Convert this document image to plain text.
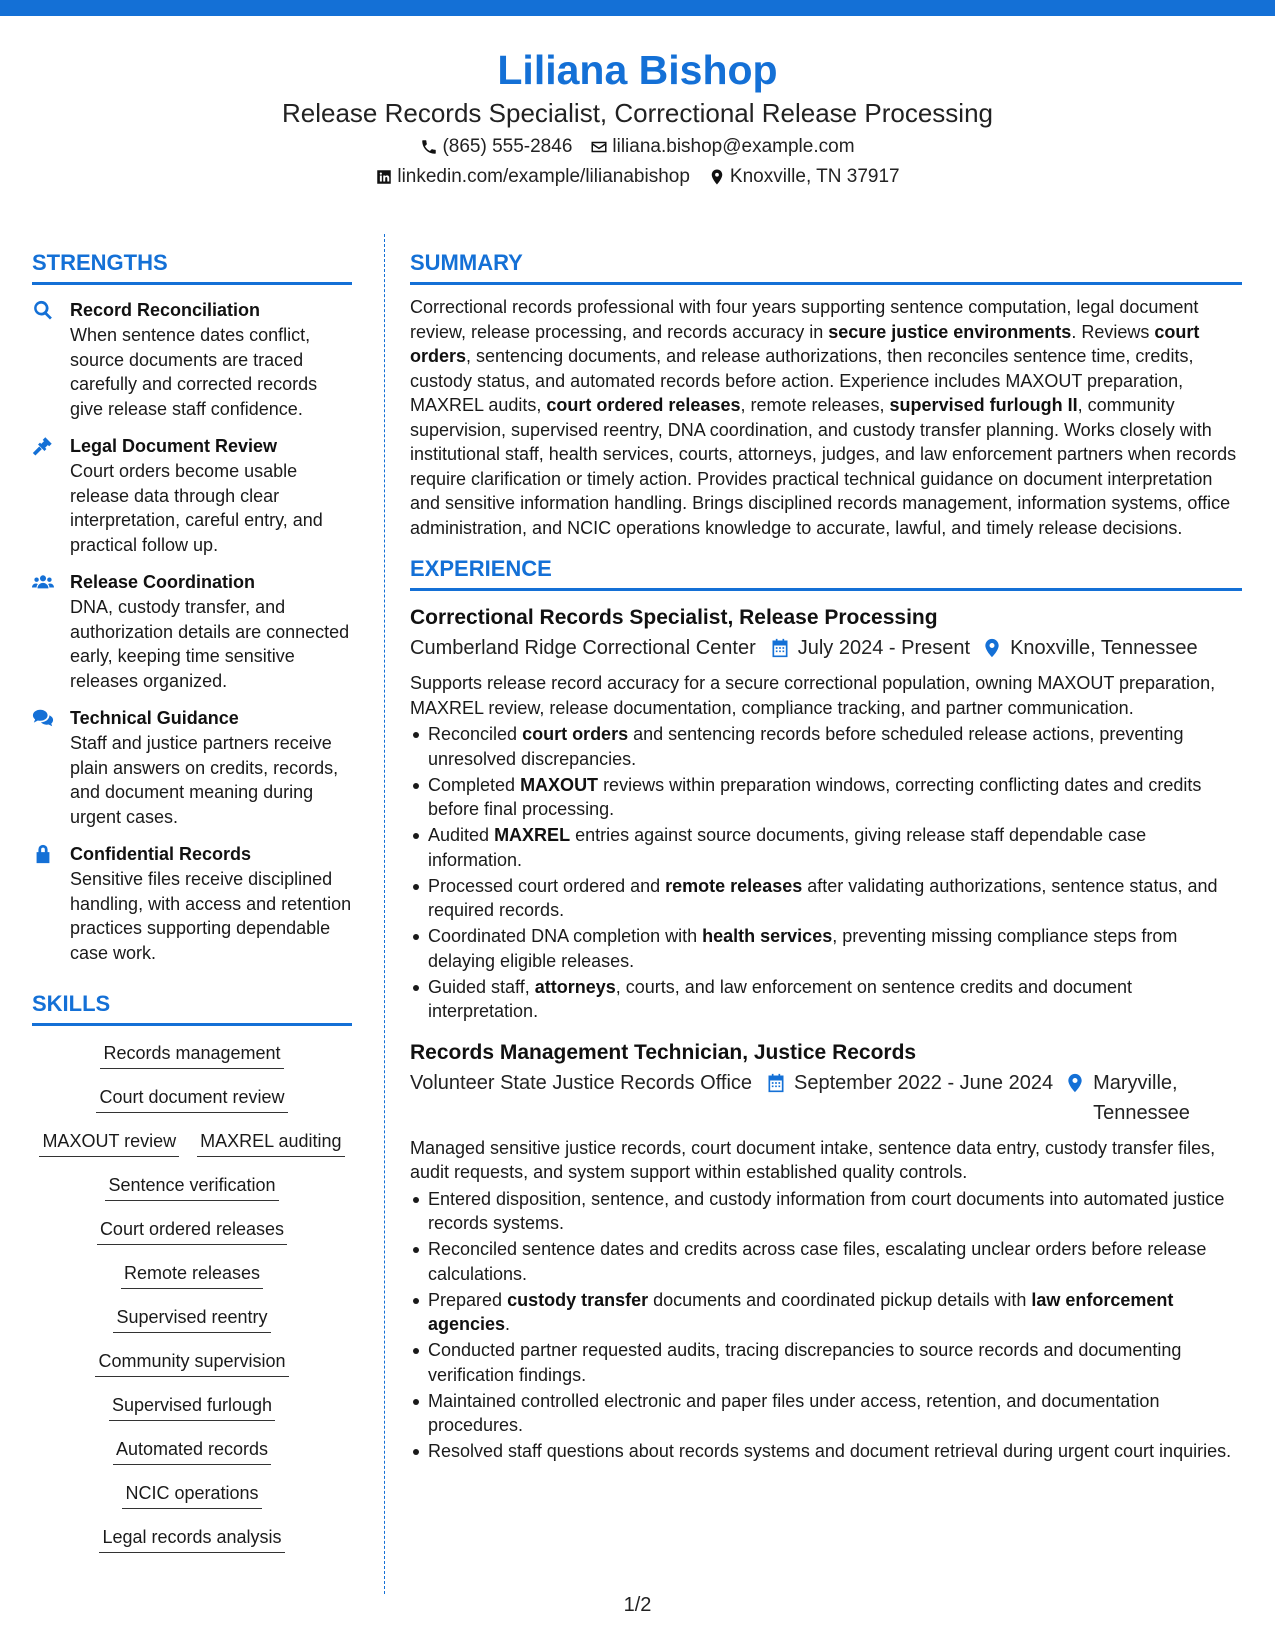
Liliana Bishop
Release Records Specialist, Correctional Release Processing
(865) 555-2846 liliana.bishop@example.com
linkedin.com/example/lilianabishop Knoxville, TN 37917
STRENGTHS
Record Reconciliation
When sentence dates conflict, source documents are traced carefully and corrected records give release staff confidence.
Legal Document Review
Court orders become usable release data through clear interpretation, careful entry, and practical follow up.
Release Coordination
DNA, custody transfer, and authorization details are connected early, keeping time sensitive releases organized.
Technical Guidance
Staff and justice partners receive plain answers on credits, records, and document meaning during urgent cases.
Confidential Records
Sensitive files receive disciplined handling, with access and retention practices supporting dependable case work.
SKILLS
Records management
Court document review
MAXOUT review MAXREL auditing
Sentence verification
Court ordered releases
Remote releases
Supervised reentry
Community supervision
Supervised furlough
Automated records
NCIC operations
Legal records analysis
SUMMARY
Correctional records professional with four years supporting sentence computation, legal document review, release processing, and records accuracy in secure justice environments. Reviews court orders, sentencing documents, and release authorizations, then reconciles sentence time, credits, custody status, and automated records before action. Experience includes MAXOUT preparation, MAXREL audits, court ordered releases, remote releases, supervised furlough II, community supervision, supervised reentry, DNA coordination, and custody transfer planning. Works closely with institutional staff, health services, courts, attorneys, judges, and law enforcement partners when records require clarification or timely action. Provides practical technical guidance on document interpretation and sensitive information handling. Brings disciplined records management, information systems, office administration, and NCIC operations knowledge to accurate, lawful, and timely release decisions.
EXPERIENCE
Correctional Records Specialist, Release Processing
Cumberland Ridge Correctional Center July 2024 - Present Knoxville, Tennessee
Supports release record accuracy for a secure correctional population, owning MAXOUT preparation, MAXREL review, release documentation, compliance tracking, and partner communication.
Reconciled court orders and sentencing records before scheduled release actions, preventing unresolved discrepancies.
Completed MAXOUT reviews within preparation windows, correcting conflicting dates and credits before final processing.
Audited MAXREL entries against source documents, giving release staff dependable case information.
Processed court ordered and remote releases after validating authorizations, sentence status, and required records.
Coordinated DNA completion with health services, preventing missing compliance steps from delaying eligible releases.
Guided staff, attorneys, courts, and law enforcement on sentence credits and document interpretation.
Records Management Technician, Justice Records
Volunteer State Justice Records Office September 2022 - June 2024 Maryville, Tennessee
Managed sensitive justice records, court document intake, sentence data entry, custody transfer files, audit requests, and system support within established quality controls.
Entered disposition, sentence, and custody information from court documents into automated justice records systems.
Reconciled sentence dates and credits across case files, escalating unclear orders before release calculations.
Prepared custody transfer documents and coordinated pickup details with law enforcement agencies.
Conducted partner requested audits, tracing discrepancies to source records and documenting verification findings.
Maintained controlled electronic and paper files under access, retention, and documentation procedures.
Resolved staff questions about records systems and document retrieval during urgent court inquiries.
1/2
